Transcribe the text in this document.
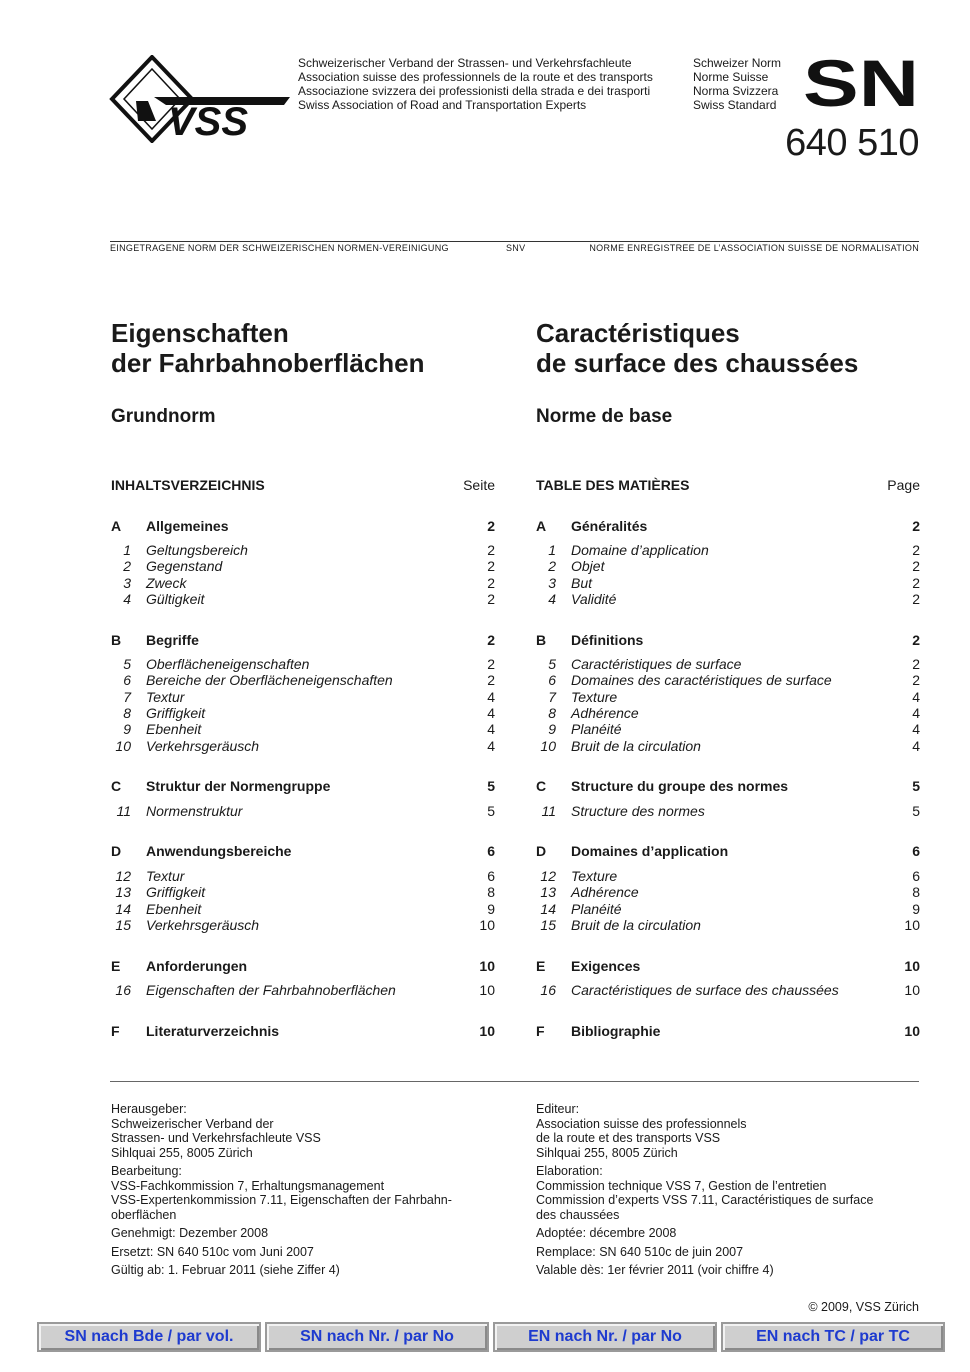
VSS
Schweizerischer Verband der Strassen- und Verkehrsfachleute
Association suisse des professionnels de la route et des transports
Associazione svizzera dei professionisti della strada e dei trasporti
Swiss Association of Road and Transportation Experts
Schweizer Norm
Norme Suisse
Norma Svizzera
Swiss Standard SN
640 510
EINGETRAGENE NORM DER SCHWEIZERISCHEN NORMEN-VEREINIGUNG	SNV	NORME ENREGISTREE DE L’ASSOCIATION SUISSE DE NORMALISATION
Eigenschaften
der Fahrbahnoberflächen
Grundnorm
INHALTSVERZEICHNIS	Seite
A	Allgemeines	2
1 Geltungsbereich	2
2 Gegenstand	2
3 Zweck	2
4 Gültigkeit	2
B	Begriffe	2
5 Oberflächeneigenschaften	2
6 Bereiche der Oberflächeneigenschaften	2
7 Textur	4
8 Griffigkeit	4
9 Ebenheit	4
10 Verkehrsgeräusch	4
C	Struktur der Normengruppe	5
11 Normenstruktur	5
D	Anwendungsbereiche	6
12 Textur	6
13 Griffigkeit	8
14 Ebenheit	9
15 Verkehrsgeräusch	10
E	Anforderungen	10
16 Eigenschaften der Fahrbahnoberflächen	10
F	Literaturverzeichnis	10
Caractéristiques
de surface des chaussées
Norme de base
TABLE DES MATIÈRES	Page
A	Généralités	2
1 Domaine d’application	2
2 Objet	2
3 But	2
4 Validité	2
B	Définitions	2
5 Caractéristiques de surface	2
6 Domaines des caractéristiques de surface	2
7 Texture	4
8 Adhérence	4
9 Planéité	4
10 Bruit de la circulation	4
C	Structure du groupe des normes	5
11 Structure des normes	5
D	Domaines d’application	6
12 Texture	6
13 Adhérence	8
14 Planéité	9
15 Bruit de la circulation	10
E	Exigences	10
16 Caractéristiques de surface des chaussées	10
F	Bibliographie	10
Herausgeber:
Schweizerischer Verband der
Strassen- und Verkehrsfachleute VSS
Sihlquai 255, 8005 Zürich
Bearbeitung:
VSS-Fachkommission 7, Erhaltungsmanagement
VSS-Expertenkommission 7.11, Eigenschaften der Fahrbahn-
oberflächen
Genehmigt: Dezember 2008
Ersetzt: SN 640 510c vom Juni 2007
Gültig ab: 1. Februar 2011 (siehe Ziffer 4)
Editeur:
Association suisse des professionnels
de la route et des transports VSS
Sihlquai 255, 8005 Zürich
Elaboration:
Commission technique VSS 7, Gestion de l’entretien
Commission d’experts VSS 7.11, Caractéristiques de surface
des chaussées
Adoptée: décembre 2008
Remplace: SN 640 510c de juin 2007
Valable dès: 1er février 2011 (voir chiffre 4)
© 2009, VSS Zürich
SN nach Bde / par vol.	SN nach Nr. / par No	EN nach Nr. / par No	EN nach TC / par TC
